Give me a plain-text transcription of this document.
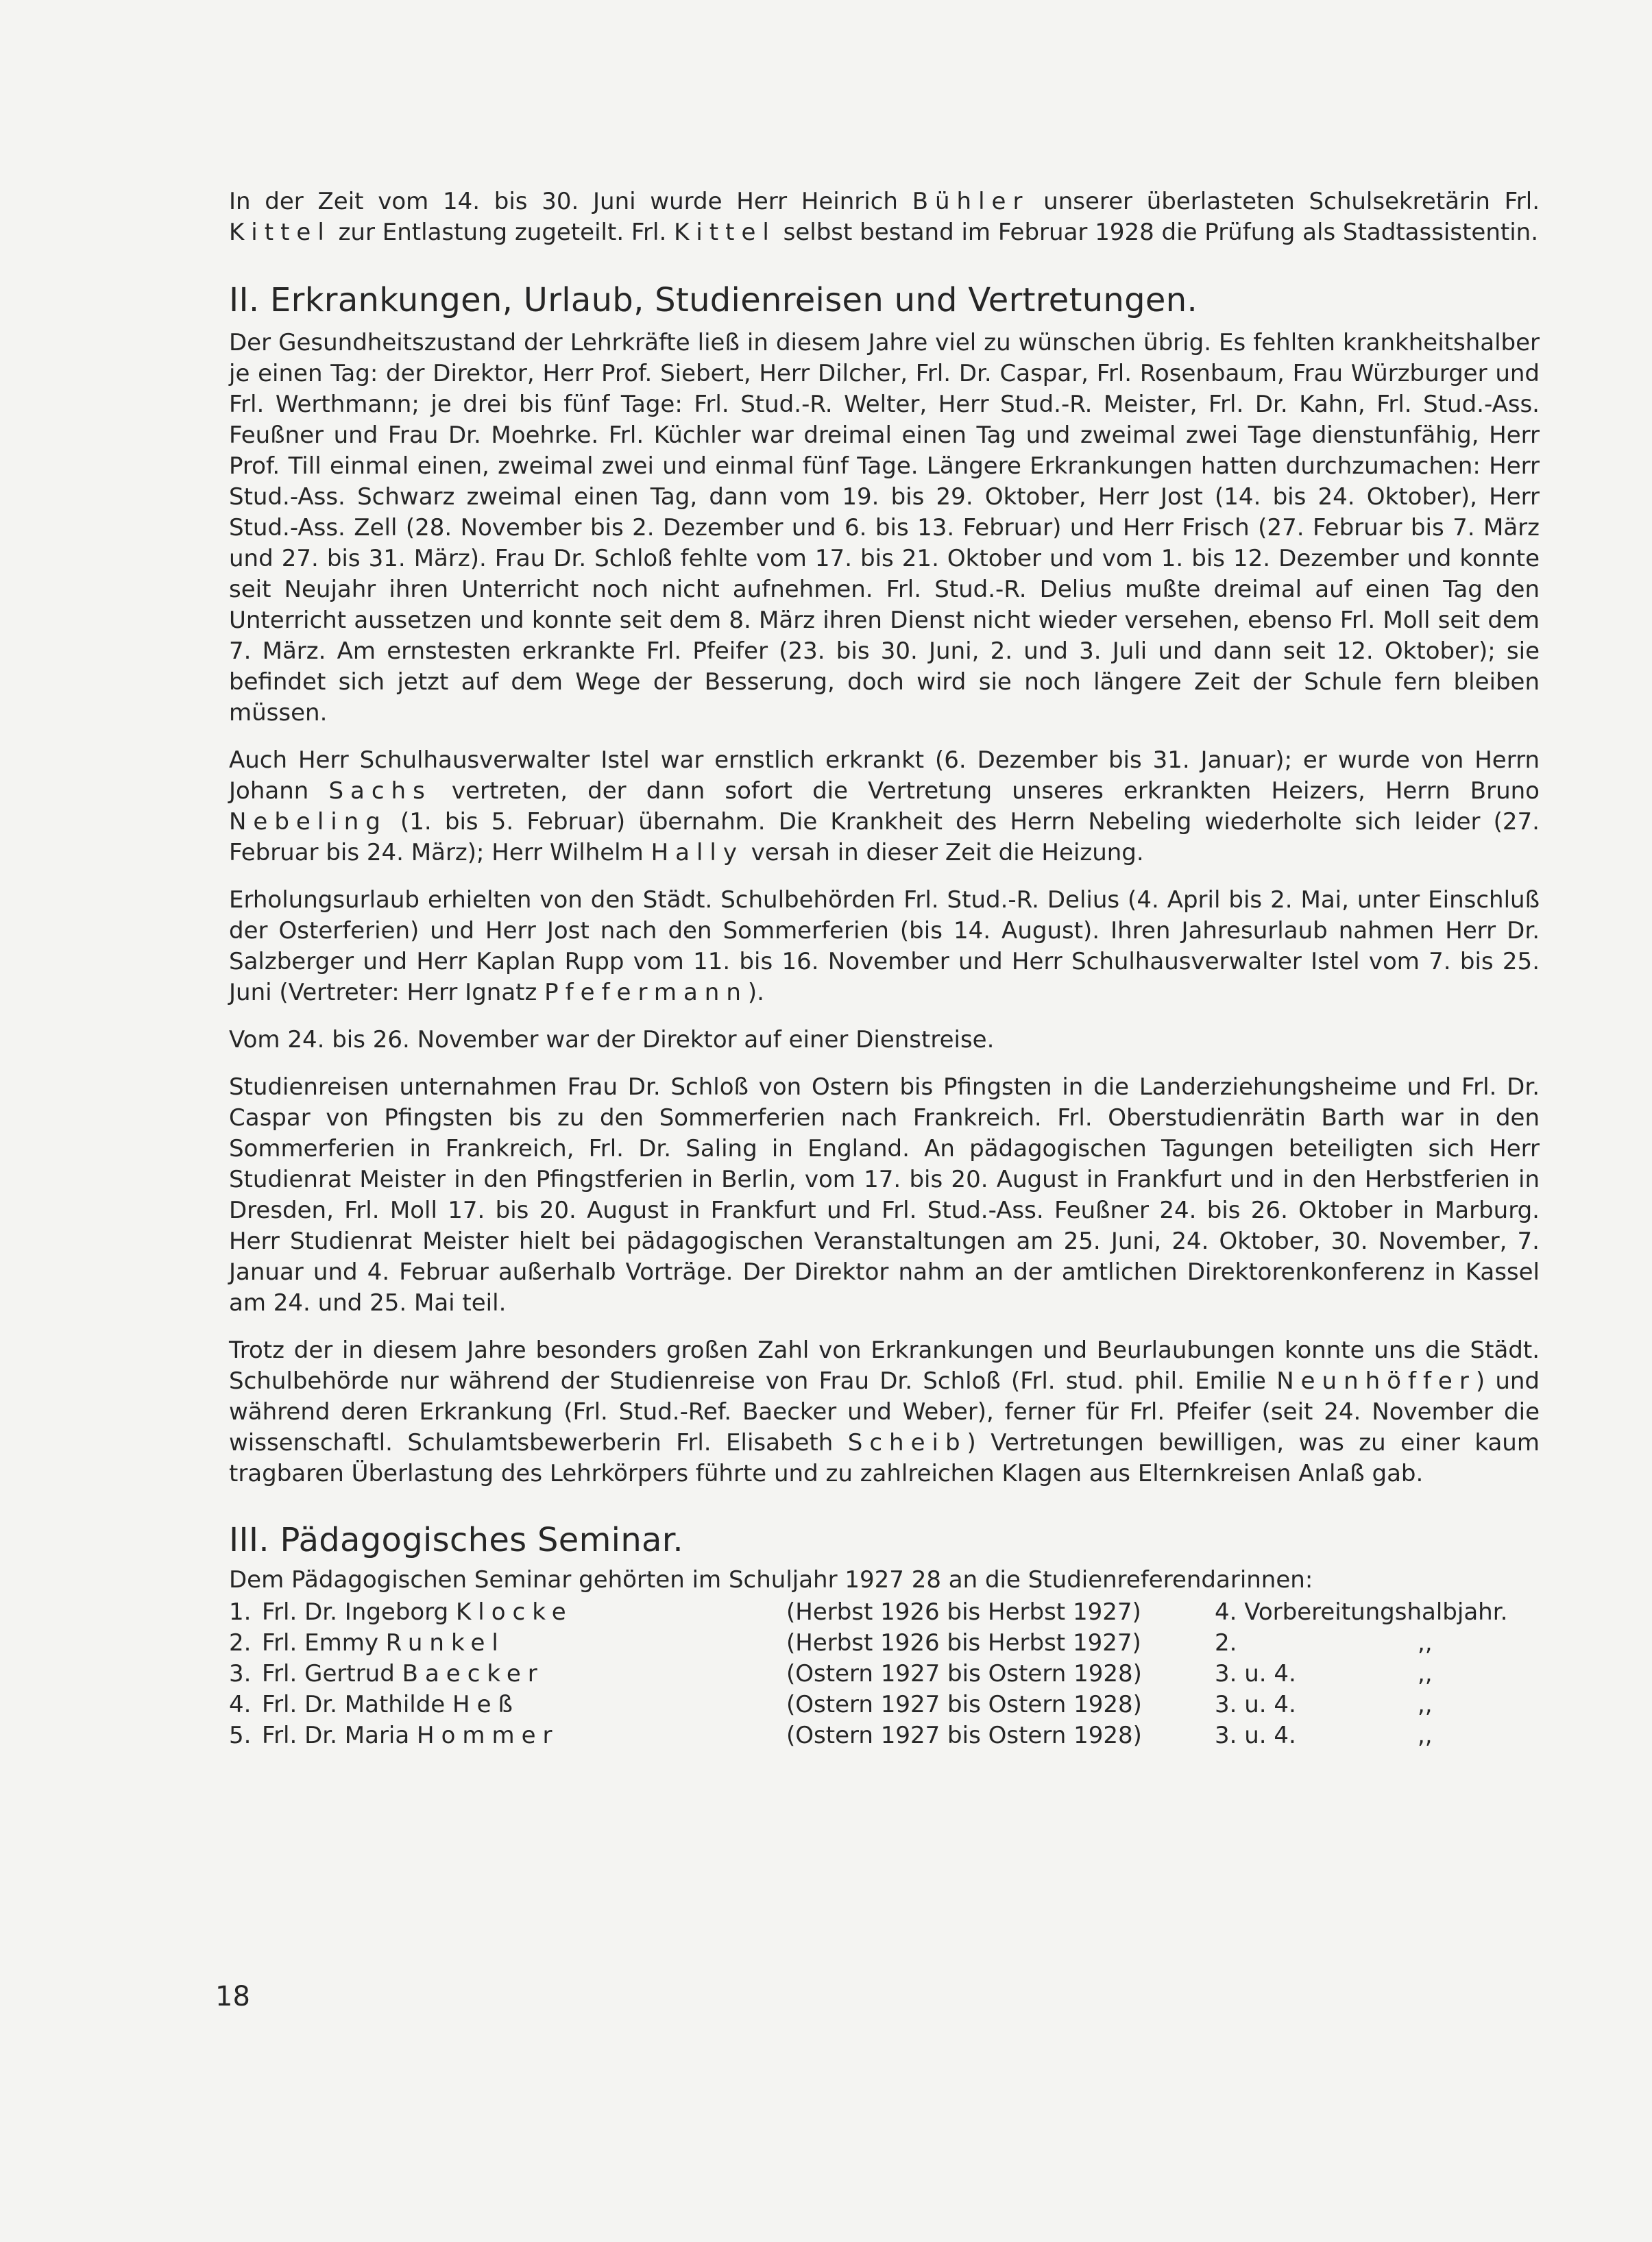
In der Zeit vom 14. bis 30. Juni wurde Herr Heinrich Bühler unserer überlasteten Schulsekretärin Frl. Kittel zur Entlastung zugeteilt. Frl. Kittel selbst bestand im Februar 1928 die Prüfung als Stadtassistentin.

II. Erkrankungen, Urlaub, Studienreisen und Vertretungen.

Der Gesundheitszustand der Lehrkräfte ließ in diesem Jahre viel zu wünschen übrig. Es fehlten krankheitshalber je einen Tag: der Direktor, Herr Prof. Siebert, Herr Dilcher, Frl. Dr. Caspar, Frl. Rosenbaum, Frau Würzburger und Frl. Werthmann; je drei bis fünf Tage: Frl. Stud.-R. Welter, Herr Stud.-R. Meister, Frl. Dr. Kahn, Frl. Stud.-Ass. Feußner und Frau Dr. Moehrke. Frl. Küchler war dreimal einen Tag und zweimal zwei Tage dienstunfähig, Herr Prof. Till einmal einen, zweimal zwei und einmal fünf Tage. Längere Erkrankungen hatten durchzumachen: Herr Stud.-Ass. Schwarz zweimal einen Tag, dann vom 19. bis 29. Oktober, Herr Jost (14. bis 24. Oktober), Herr Stud.-Ass. Zell (28. November bis 2. Dezember und 6. bis 13. Februar) und Herr Frisch (27. Februar bis 7. März und 27. bis 31. März). Frau Dr. Schloß fehlte vom 17. bis 21. Oktober und vom 1. bis 12. Dezember und konnte seit Neujahr ihren Unterricht noch nicht aufnehmen. Frl. Stud.-R. Delius mußte dreimal auf einen Tag den Unterricht aussetzen und konnte seit dem 8. März ihren Dienst nicht wieder versehen, ebenso Frl. Moll seit dem 7. März. Am ernstesten erkrankte Frl. Pfeifer (23. bis 30. Juni, 2. und 3. Juli und dann seit 12. Oktober); sie befindet sich jetzt auf dem Wege der Besserung, doch wird sie noch längere Zeit der Schule fern bleiben müssen.

Auch Herr Schulhausverwalter Istel war ernstlich erkrankt (6. Dezember bis 31. Januar); er wurde von Herrn Johann Sachs vertreten, der dann sofort die Vertretung unseres erkrankten Heizers, Herrn Bruno Nebeling (1. bis 5. Februar) übernahm. Die Krankheit des Herrn Nebeling wiederholte sich leider (27. Februar bis 24. März); Herr Wilhelm Hally versah in dieser Zeit die Heizung.

Erholungsurlaub erhielten von den Städt. Schulbehörden Frl. Stud.-R. Delius (4. April bis 2. Mai, unter Einschluß der Osterferien) und Herr Jost nach den Sommerferien (bis 14. August). Ihren Jahresurlaub nahmen Herr Dr. Salzberger und Herr Kaplan Rupp vom 11. bis 16. November und Herr Schulhausverwalter Istel vom 7. bis 25. Juni (Vertreter: Herr Ignatz Pfefermann).

Vom 24. bis 26. November war der Direktor auf einer Dienstreise.

Studienreisen unternahmen Frau Dr. Schloß von Ostern bis Pfingsten in die Landerziehungsheime und Frl. Dr. Caspar von Pfingsten bis zu den Sommerferien nach Frankreich. Frl. Oberstudienrätin Barth war in den Sommerferien in Frankreich, Frl. Dr. Saling in England. An pädagogischen Tagungen beteiligten sich Herr Studienrat Meister in den Pfingstferien in Berlin, vom 17. bis 20. August in Frankfurt und in den Herbstferien in Dresden, Frl. Moll 17. bis 20. August in Frankfurt und Frl. Stud.-Ass. Feußner 24. bis 26. Oktober in Marburg. Herr Studienrat Meister hielt bei pädagogischen Veranstaltungen am 25. Juni, 24. Oktober, 30. November, 7. Januar und 4. Februar außerhalb Vorträge. Der Direktor nahm an der amtlichen Direktorenkonferenz in Kassel am 24. und 25. Mai teil.

Trotz der in diesem Jahre besonders großen Zahl von Erkrankungen und Beurlaubungen konnte uns die Städt. Schulbehörde nur während der Studienreise von Frau Dr. Schloß (Frl. stud. phil. Emilie Neunhöffer) und während deren Erkrankung (Frl. Stud.-Ref. Baecker und Weber), ferner für Frl. Pfeifer (seit 24. November die wissenschaftl. Schulamtsbewerberin Frl. Elisabeth Scheib) Vertretungen bewilligen, was zu einer kaum tragbaren Überlastung des Lehrkörpers führte und zu zahlreichen Klagen aus Elternkreisen Anlaß gab.

III. Pädagogisches Seminar.
Dem Pädagogischen Seminar gehörten im Schuljahr 1927 28 an die Studienreferendarinnen:
1. Frl. Dr. Ingeborg Klocke	(Herbst 1926 bis Herbst 1927)	4. Vorbereitungshalbjahr.
2. Frl. Emmy Runkel	(Herbst 1926 bis Herbst 1927)	2.	,,
3. Frl. Gertrud Baecker	(Ostern 1927 bis Ostern 1928)	3. u. 4.	,,
4. Frl. Dr. Mathilde Heß	(Ostern 1927 bis Ostern 1928)	3. u. 4.	,,
5. Frl. Dr. Maria Hommer	(Ostern 1927 bis Ostern 1928)	3. u. 4.	,,
18
